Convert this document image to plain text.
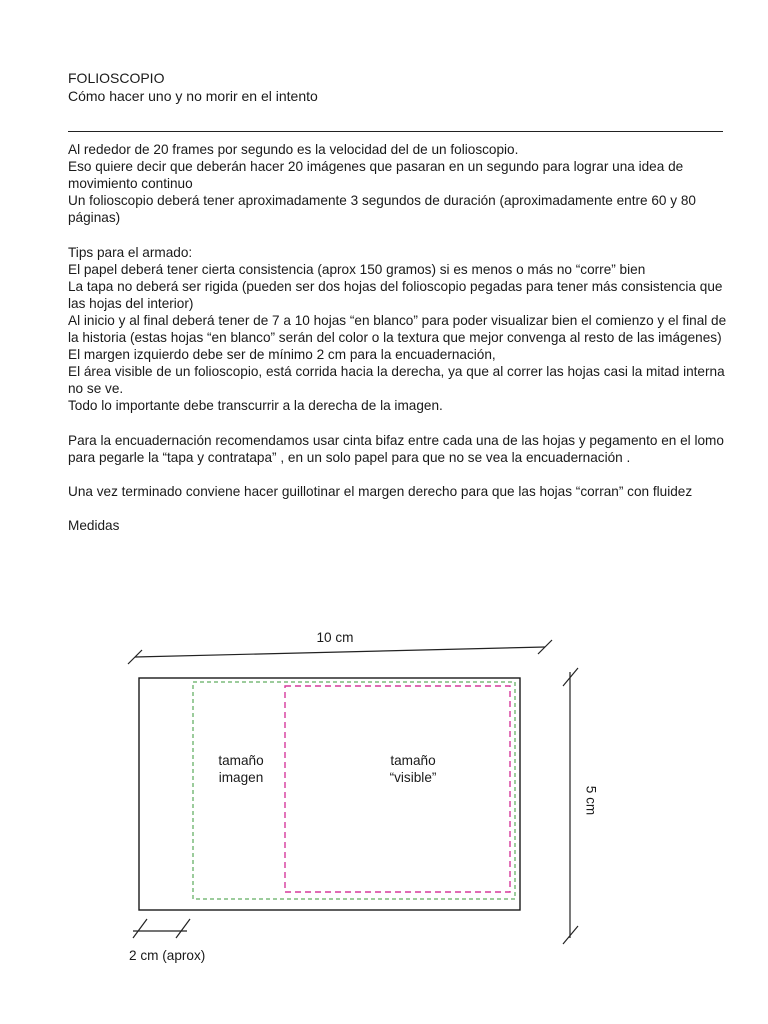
FOLIOSCOPIO
Cómo hacer uno y no morir en el intento

Al rededor de 20 frames por segundo es la velocidad del de un folioscopio.

Eso quiere decir que deberán hacer 20 imágenes que pasaran en un segundo para lograr una idea de movimiento continuo

Un folioscopio deberá tener aproximadamente 3 segundos de duración (aproximadamente entre 60 y 80 páginas)

Tips para el armado:

El papel deberá tener cierta consistencia (aprox 150 gramos) si es menos o más no “corre” bien

La tapa no deberá ser rigida (pueden ser dos hojas del folioscopio pegadas para tener más consistencia que las hojas del interior)

Al inicio y al final deberá tener de 7 a 10 hojas “en blanco” para poder visualizar bien el comienzo y el final de la historia (estas hojas “en blanco” serán del color o la textura que mejor convenga al resto de las imágenes)

El margen izquierdo debe ser de mínimo 2 cm para la encuadernación,

El área visible de un folioscopio, está corrida hacia la derecha, ya que al correr las hojas casi la mitad interna no se ve.

Todo lo importante debe transcurrir a la derecha de la imagen.

Para la encuadernación recomendamos usar cinta bifaz entre cada una de las hojas y pegamento en el lomo para pegarle la “tapa y contratapa” , en un solo papel para que no se vea la encuadernación .

Una vez terminado conviene hacer guillotinar el margen derecho para que las hojas “corran” con fluidez

Medidas

10 cm
tamaño
imagen
tamaño
“visible”
5 cm
2 cm (aprox)
